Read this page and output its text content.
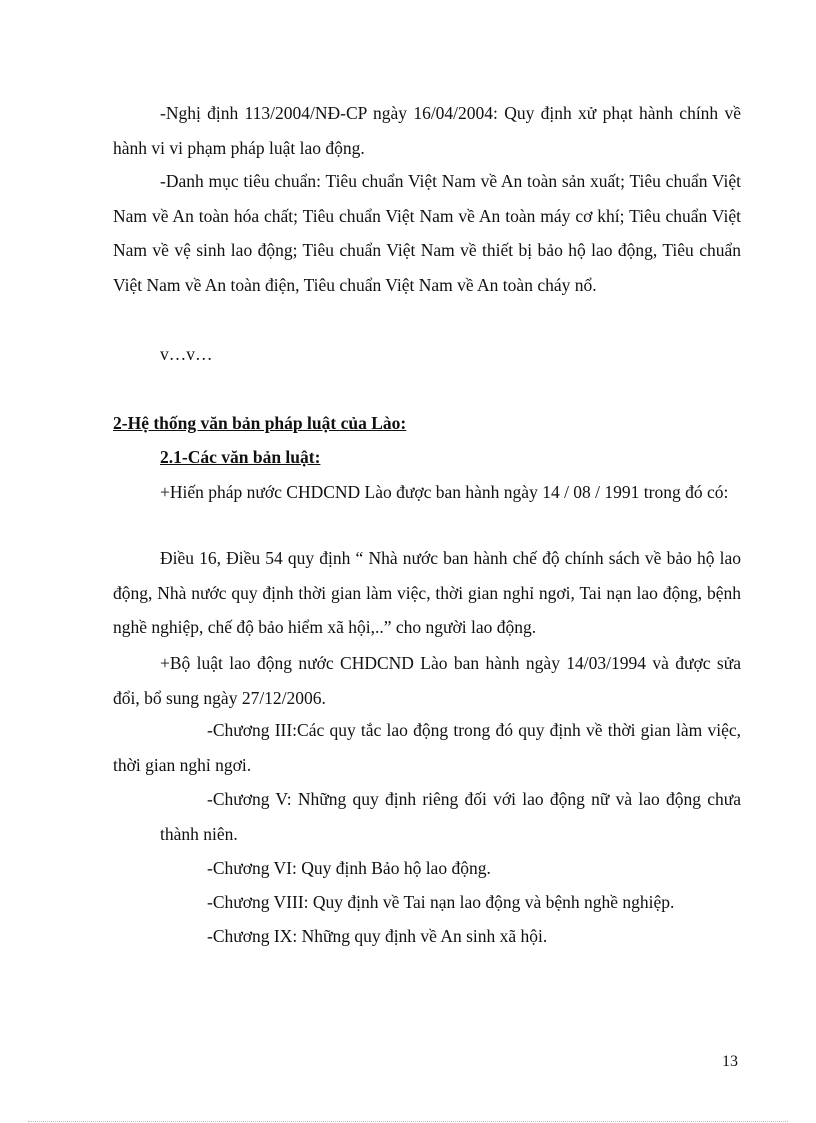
-Nghị định 113/2004/NĐ-CP ngày 16/04/2004: Quy định xử phạt hành chính về hành vi vi phạm pháp luật lao động.

-Danh mục tiêu chuẩn: Tiêu chuẩn Việt Nam về An toàn sản xuất; Tiêu chuẩn Việt Nam về An toàn hóa chất; Tiêu chuẩn Việt Nam về An toàn máy cơ khí; Tiêu chuẩn Việt Nam về vệ sinh lao động; Tiêu chuẩn Việt Nam về thiết bị bảo hộ lao động, Tiêu chuẩn Việt Nam về An toàn điện, Tiêu chuẩn Việt Nam về An toàn cháy nổ.

v…v…

2-Hệ thống văn bản pháp luật của Lào:
2.1-Các văn bản luật:

+Hiến pháp nước CHDCND Lào được ban hành ngày 14 / 08 / 1991 trong đó có:

Điều 16, Điều 54 quy định “ Nhà nước ban hành chế độ chính sách về bảo hộ lao động, Nhà nước quy định thời gian làm việc, thời gian nghỉ ngơi, Tai nạn lao động, bệnh nghề nghiệp, chế độ bảo hiểm xã hội,..” cho người lao động.

+Bộ luật lao động nước CHDCND Lào ban hành ngày 14/03/1994 và được sửa đổi, bổ sung ngày 27/12/2006.

-Chương III:Các quy tắc lao động trong đó quy định về thời gian làm việc, thời gian nghỉ ngơi.

-Chương V: Những quy định riêng đối với lao động nữ và lao động chưa thành niên.

-Chương VI: Quy định Bảo hộ lao động.

-Chương VIII: Quy định về Tai nạn lao động và bệnh nghề nghiệp.

-Chương IX: Những quy định về An sinh xã hội.

13
